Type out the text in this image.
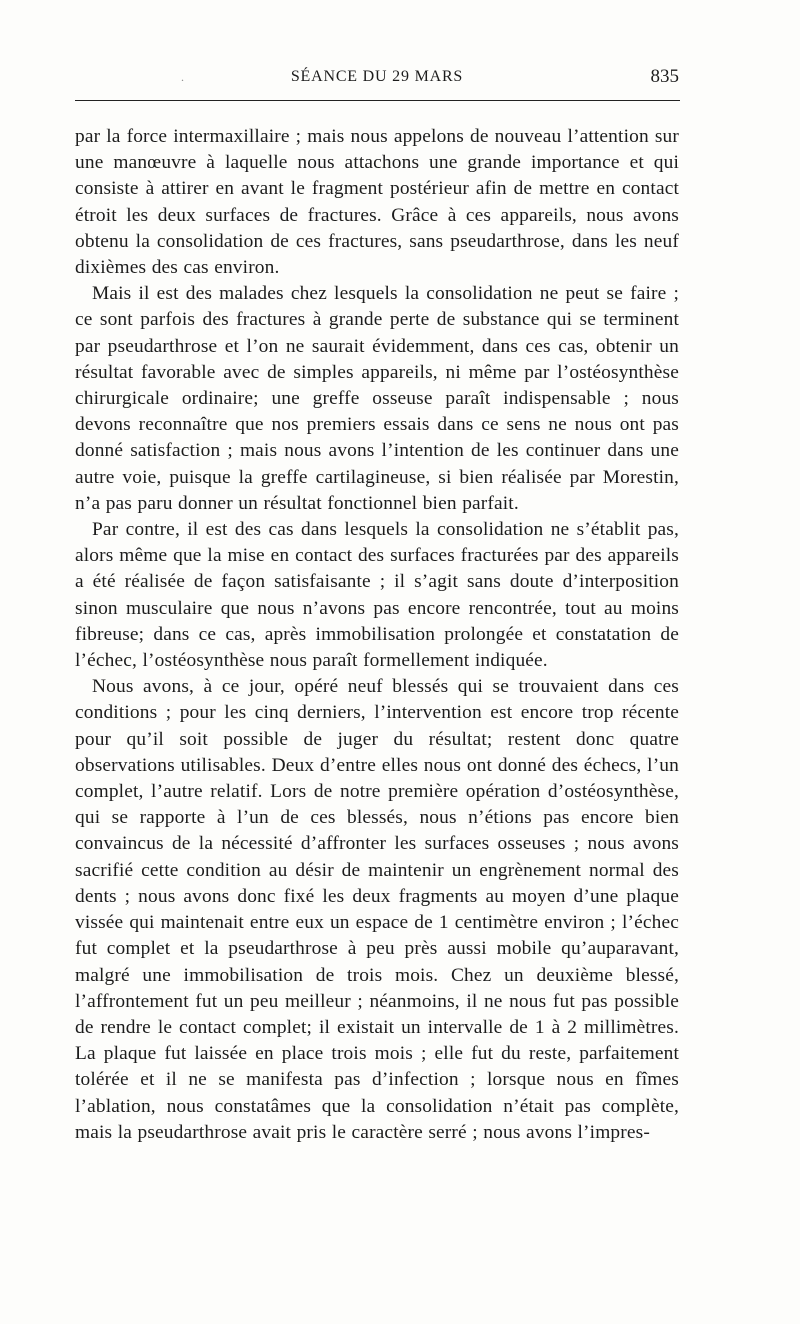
.	SÉANCE DU 29 MARS	835

par la force intermaxillaire ; mais nous appelons de nouveau l’attention sur une manœuvre à laquelle nous attachons une grande importance et qui consiste à attirer en avant le fragment postérieur afin de mettre en contact étroit les deux surfaces de fractures. Grâce à ces appareils, nous avons obtenu la consolidation de ces fractures, sans pseudarthrose, dans les neuf dixièmes des cas environ.

Mais il est des malades chez lesquels la consolidation ne peut se faire ; ce sont parfois des fractures à grande perte de substance qui se terminent par pseudarthrose et l’on ne saurait évidemment, dans ces cas, obtenir un résultat favorable avec de simples appareils, ni même par l’ostéosynthèse chirurgicale ordinaire; une greffe osseuse paraît indispensable ; nous devons reconnaître que nos premiers essais dans ce sens ne nous ont pas donné satisfaction ; mais nous avons l’intention de les continuer dans une autre voie, puisque la greffe cartilagineuse, si bien réalisée par Morestin, n’a pas paru donner un résultat fonctionnel bien parfait.

Par contre, il est des cas dans lesquels la consolidation ne s’établit pas, alors même que la mise en contact des surfaces fracturées par des appareils a été réalisée de façon satisfaisante ; il s’agit sans doute d’interposition sinon musculaire que nous n’avons pas encore rencontrée, tout au moins fibreuse; dans ce cas, après immobilisation prolongée et constatation de l’échec, l’ostéosynthèse nous paraît formellement indiquée.

Nous avons, à ce jour, opéré neuf blessés qui se trouvaient dans ces conditions ; pour les cinq derniers, l’intervention est encore trop récente pour qu’il soit possible de juger du résultat; restent donc quatre observations utilisables. Deux d’entre elles nous ont donné des échecs, l’un complet, l’autre relatif. Lors de notre première opération d’ostéosynthèse, qui se rapporte à l’un de ces blessés, nous n’étions pas encore bien convaincus de la nécessité d’affronter les surfaces osseuses ; nous avons sacrifié cette condition au désir de maintenir un engrènement normal des dents ; nous avons donc fixé les deux fragments au moyen d’une plaque vissée qui maintenait entre eux un espace de 1 centimètre environ ; l’échec fut complet et la pseudarthrose à peu près aussi mobile qu’auparavant, malgré une immobilisation de trois mois. Chez un deuxième blessé, l’affrontement fut un peu meilleur ; néanmoins, il ne nous fut pas possible de rendre le contact complet; il existait un intervalle de 1 à 2 millimètres. La plaque fut laissée en place trois mois ; elle fut du reste, parfaitement tolérée et il ne se manifesta pas d’infection ; lorsque nous en fîmes l’ablation, nous constatâmes que la consolidation n’était pas complète, mais la pseudarthrose avait pris le caractère serré ; nous avons l’impres-
